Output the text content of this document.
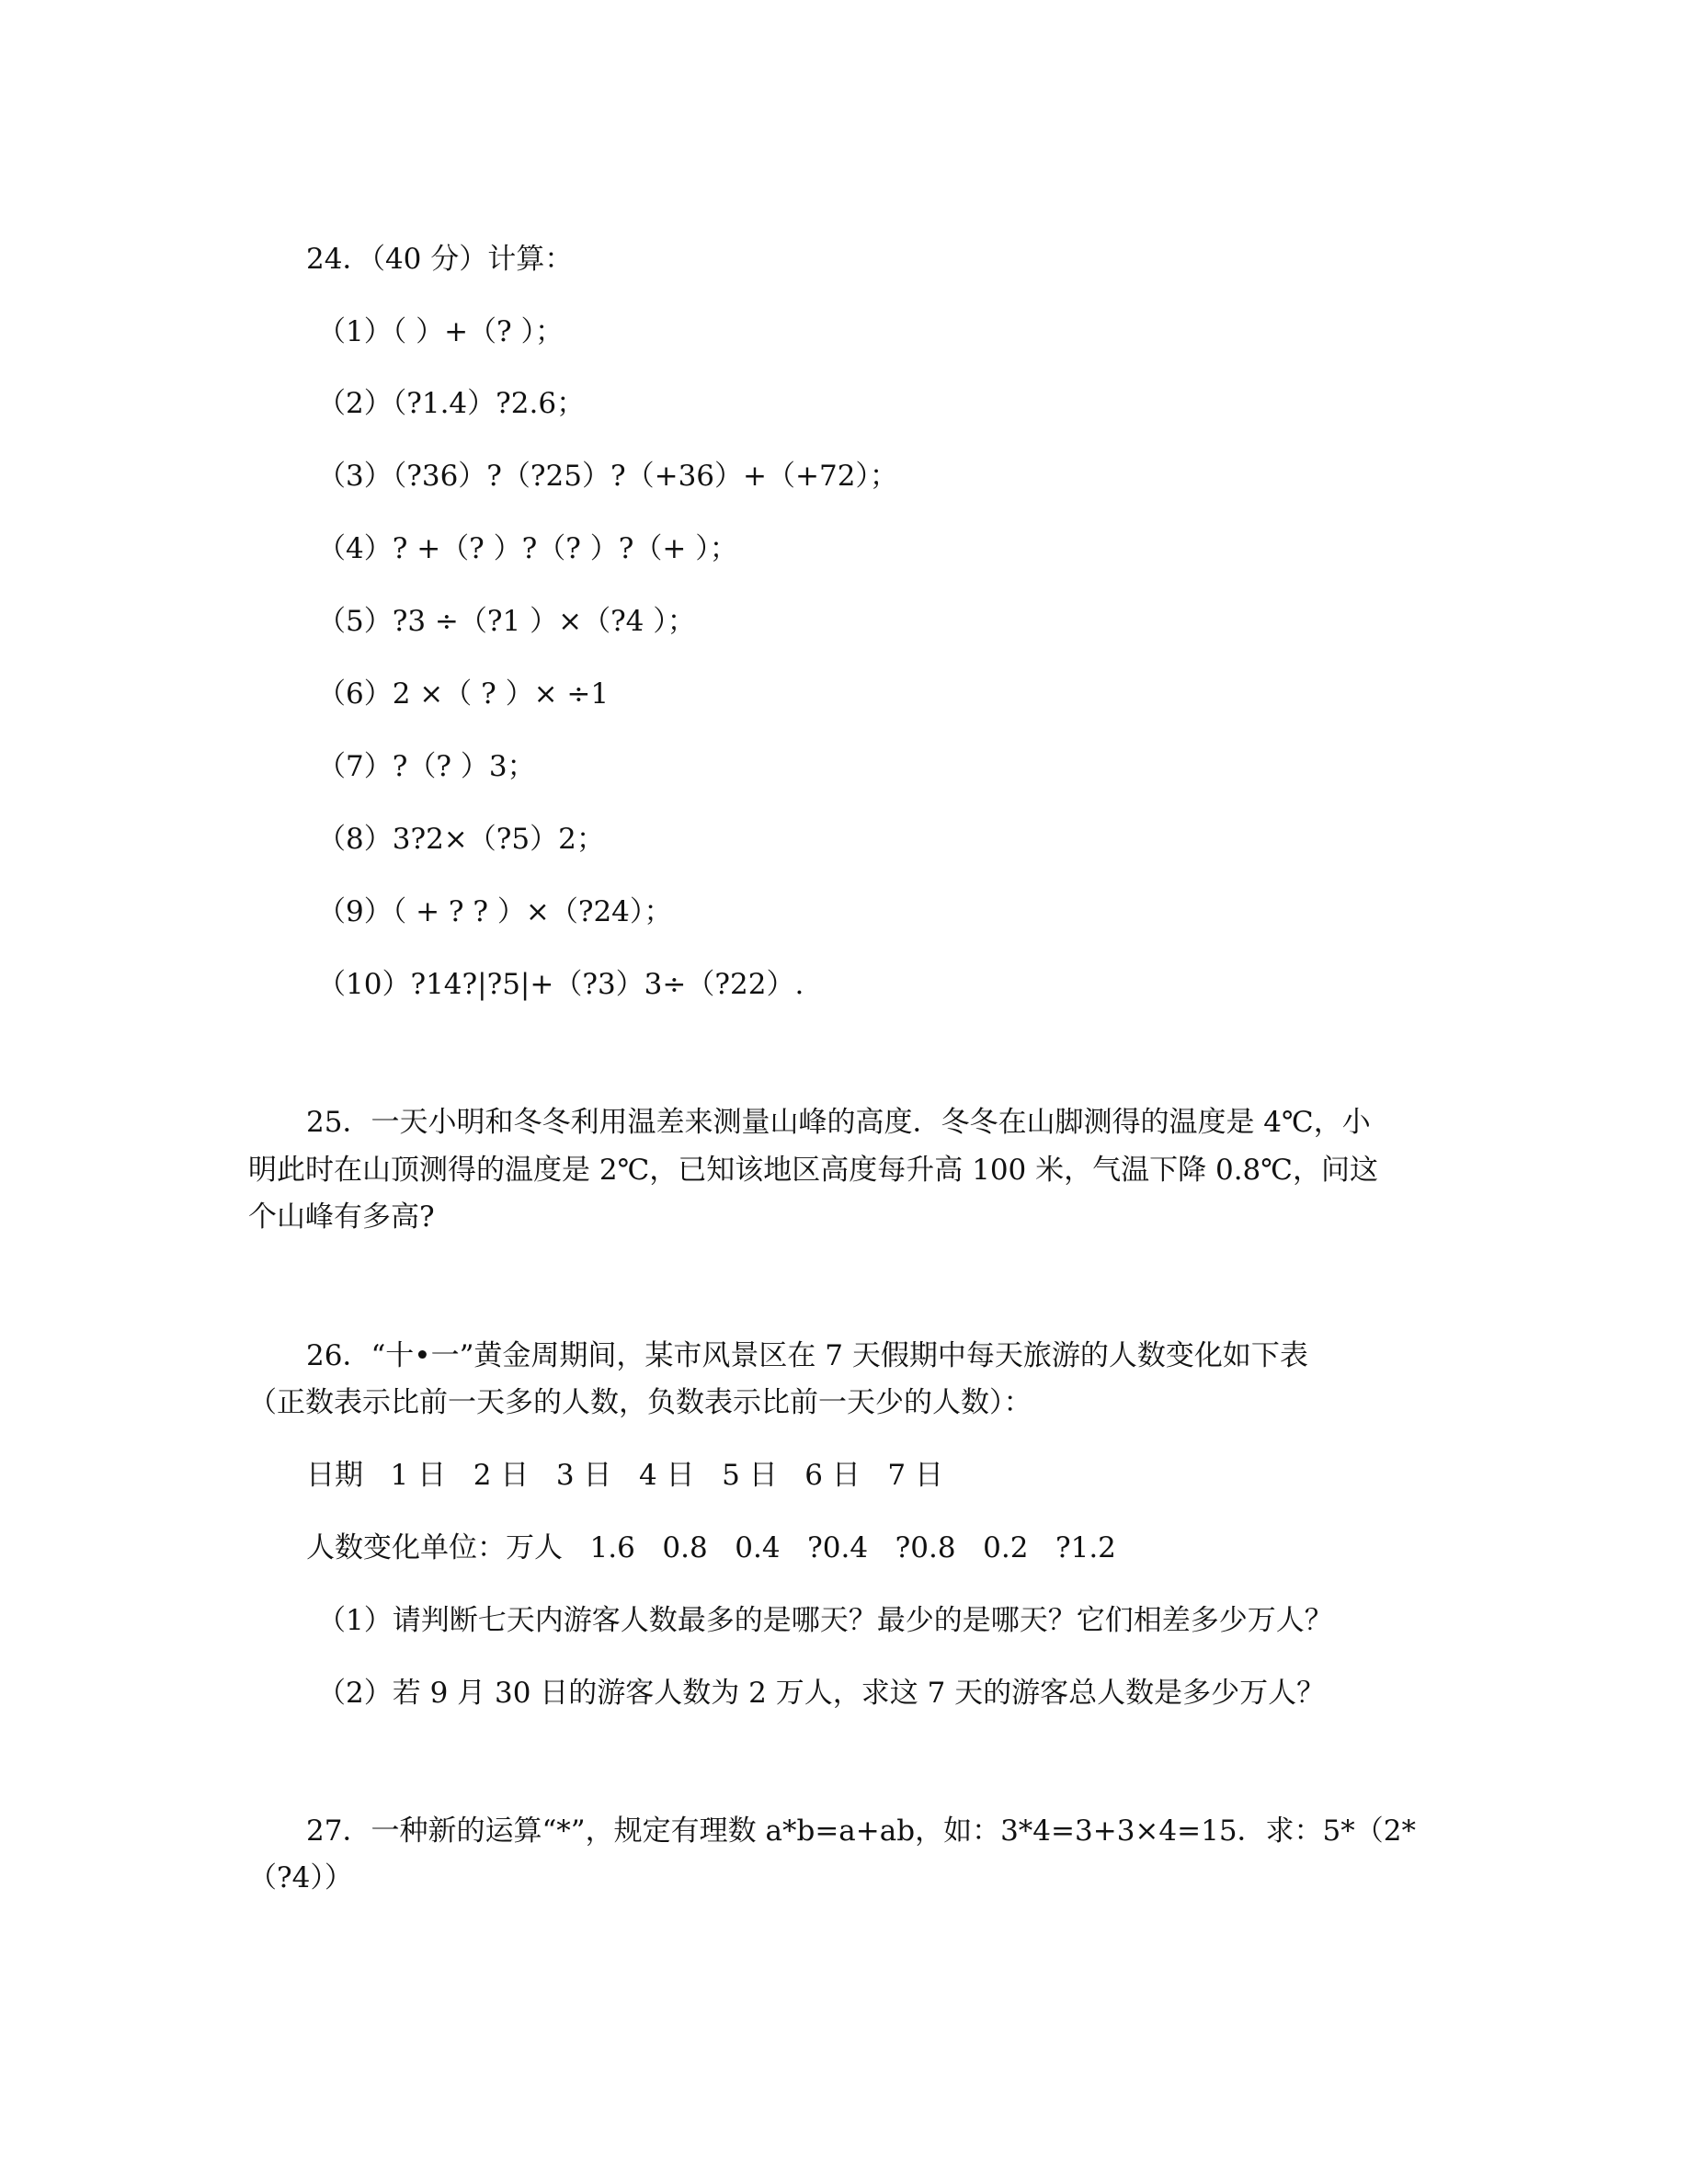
24．（40 分）计算：
（1）（ ）+（? ）；
（2）（?1.4）?2.6；
（3）（?36）?（?25）?（+36）+（+72）；
（4）? +（? ）?（? ）?（+ ）；
（5）?3 ÷（?1 ）×（?4 ）；
（6）2 ×（ ? ）× ÷1
（7）?（? ）3；
（8）3?2×（?5）2；
（9）（ + ? ? ）×（?24）；
（10）?14?|?5|+（?3）3÷（?22）.
25．一天小明和冬冬利用温差来测量山峰的高度．冬冬在山脚测得的温度是 4℃，小
明此时在山顶测得的温度是 2℃，已知该地区高度每升高 100 米，气温下降 0.8℃，问这
个山峰有多高?
26．“十•一”黄金周期间，某市风景区在 7 天假期中每天旅游的人数变化如下表
（正数表示比前一天多的人数，负数表示比前一天少的人数）：
日期   1 日   2 日   3 日   4 日   5 日   6 日   7 日
人数变化单位：万人   1.6   0.8   0.4   ?0.4   ?0.8   0.2   ?1.2
（1）请判断七天内游客人数最多的是哪天？最少的是哪天？它们相差多少万人？
（2）若 9 月 30 日的游客人数为 2 万人，求这 7 天的游客总人数是多少万人？
27．一种新的运算“*”，规定有理数 a*b=a+ab，如：3*4=3+3×4=15．求：5*（2*
（?4））
